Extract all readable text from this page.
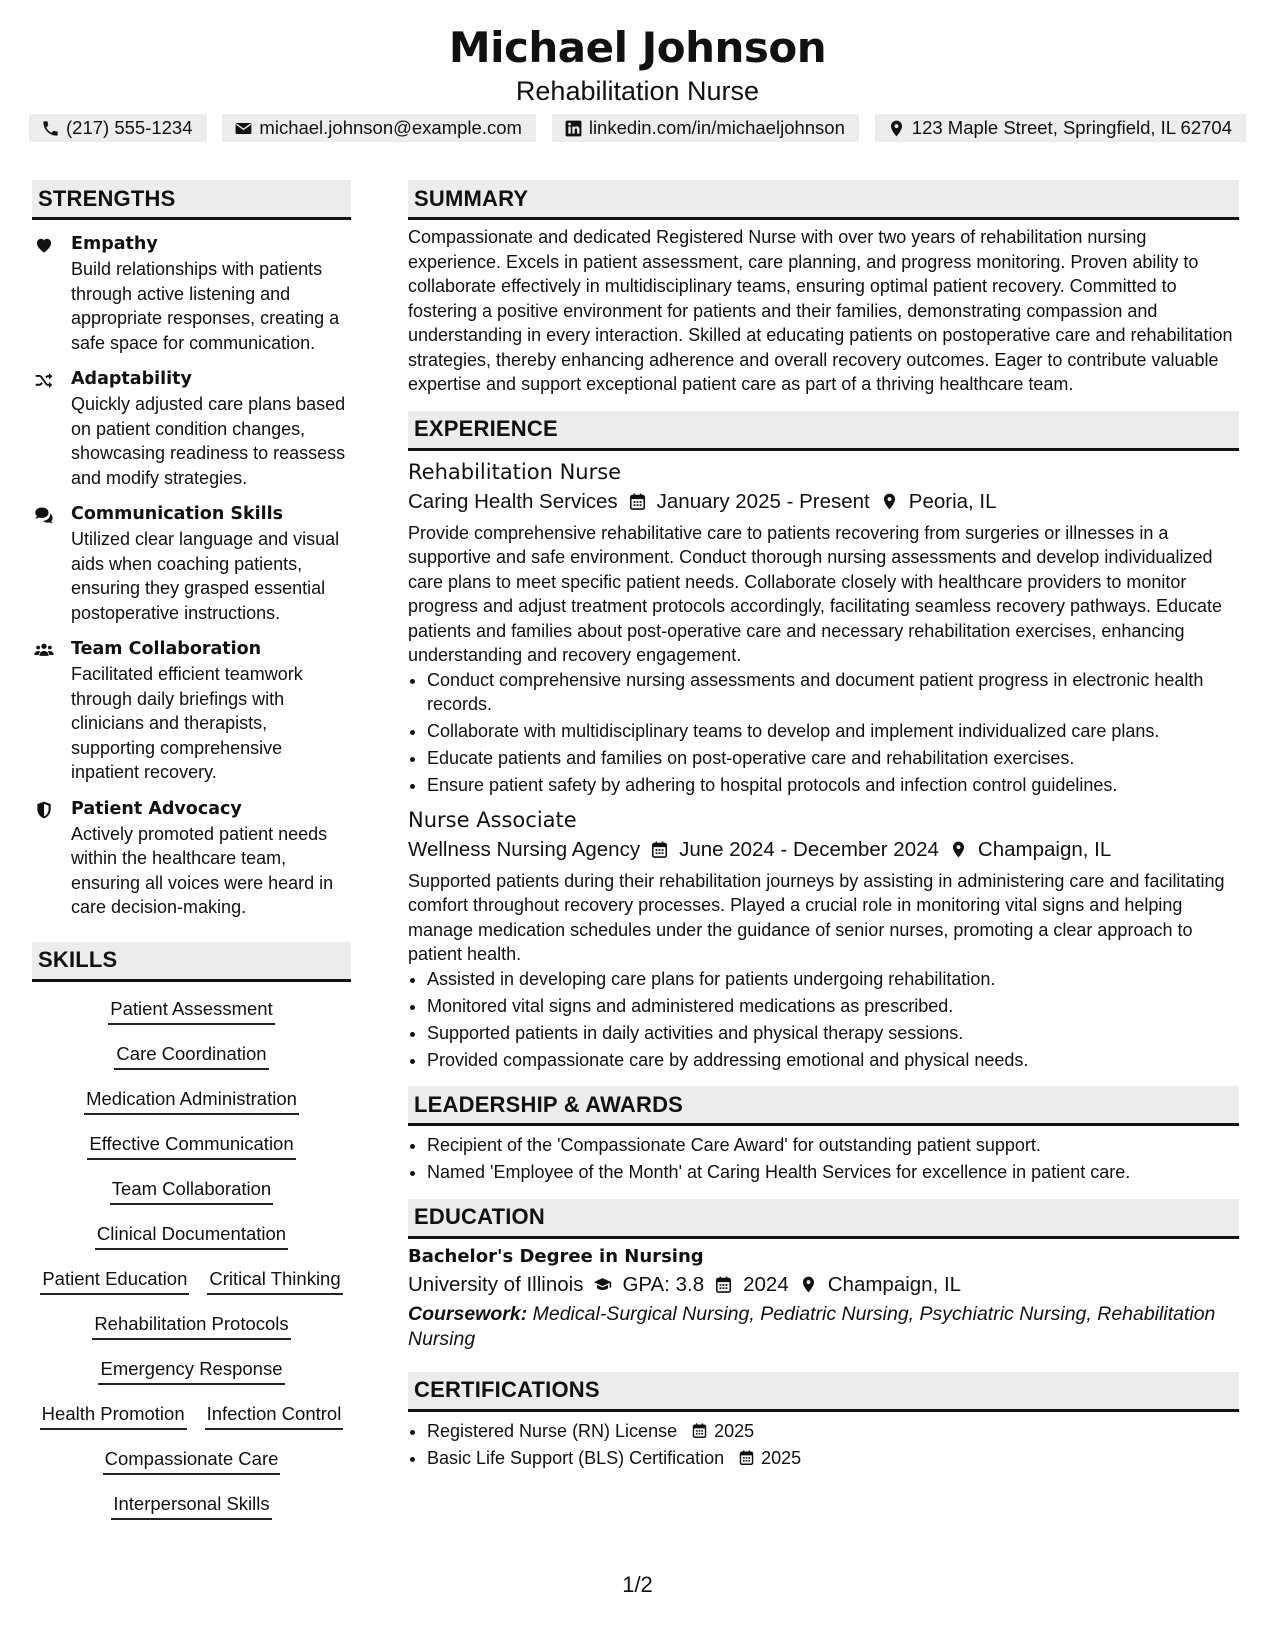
Michael Johnson
Rehabilitation Nurse
(217) 555-1234	michael.johnson@example.com	linkedin.com/in/michaeljohnson	123 Maple Street, Springfield, IL 62704
STRENGTHS
Empathy
Build relationships with patients through active listening and appropriate responses, creating a safe space for communication.
Adaptability
Quickly adjusted care plans based on patient condition changes, showcasing readiness to reassess and modify strategies.
Communication Skills
Utilized clear language and visual aids when coaching patients, ensuring they grasped essential postoperative instructions.
Team Collaboration
Facilitated efficient teamwork through daily briefings with clinicians and therapists, supporting comprehensive inpatient recovery.
Patient Advocacy
Actively promoted patient needs within the healthcare team, ensuring all voices were heard in care decision-making.
SKILLS
Patient Assessment
Care Coordination
Medication Administration
Effective Communication
Team Collaboration
Clinical Documentation
Patient Education Critical Thinking
Rehabilitation Protocols
Emergency Response
Health Promotion Infection Control
Compassionate Care
Interpersonal Skills
SUMMARY
Compassionate and dedicated Registered Nurse with over two years of rehabilitation nursing experience. Excels in patient assessment, care planning, and progress monitoring. Proven ability to collaborate effectively in multidisciplinary teams, ensuring optimal patient recovery. Committed to fostering a positive environment for patients and their families, demonstrating compassion and understanding in every interaction. Skilled at educating patients on postoperative care and rehabilitation strategies, thereby enhancing adherence and overall recovery outcomes. Eager to contribute valuable expertise and support exceptional patient care as part of a thriving healthcare team.
EXPERIENCE
Rehabilitation Nurse
Caring Health Services January 2025 - Present Peoria, IL
Provide comprehensive rehabilitative care to patients recovering from surgeries or illnesses in a supportive and safe environment. Conduct thorough nursing assessments and develop individualized care plans to meet specific patient needs. Collaborate closely with healthcare providers to monitor progress and adjust treatment protocols accordingly, facilitating seamless recovery pathways. Educate patients and families about post-operative care and necessary rehabilitation exercises, enhancing understanding and recovery engagement.
• Conduct comprehensive nursing assessments and document patient progress in electronic health records.
• Collaborate with multidisciplinary teams to develop and implement individualized care plans.
• Educate patients and families on post-operative care and rehabilitation exercises.
• Ensure patient safety by adhering to hospital protocols and infection control guidelines.
Nurse Associate
Wellness Nursing Agency June 2024 - December 2024 Champaign, IL
Supported patients during their rehabilitation journeys by assisting in administering care and facilitating comfort throughout recovery processes. Played a crucial role in monitoring vital signs and helping manage medication schedules under the guidance of senior nurses, promoting a clear approach to patient health.
• Assisted in developing care plans for patients undergoing rehabilitation.
• Monitored vital signs and administered medications as prescribed.
• Supported patients in daily activities and physical therapy sessions.
• Provided compassionate care by addressing emotional and physical needs.
LEADERSHIP & AWARDS
• Recipient of the 'Compassionate Care Award' for outstanding patient support.
• Named 'Employee of the Month' at Caring Health Services for excellence in patient care.
EDUCATION
Bachelor's Degree in Nursing
University of Illinois GPA: 3.8 2024 Champaign, IL
Coursework: Medical-Surgical Nursing, Pediatric Nursing, Psychiatric Nursing, Rehabilitation Nursing
CERTIFICATIONS
• Registered Nurse (RN) License 2025
• Basic Life Support (BLS) Certification 2025
1/2
